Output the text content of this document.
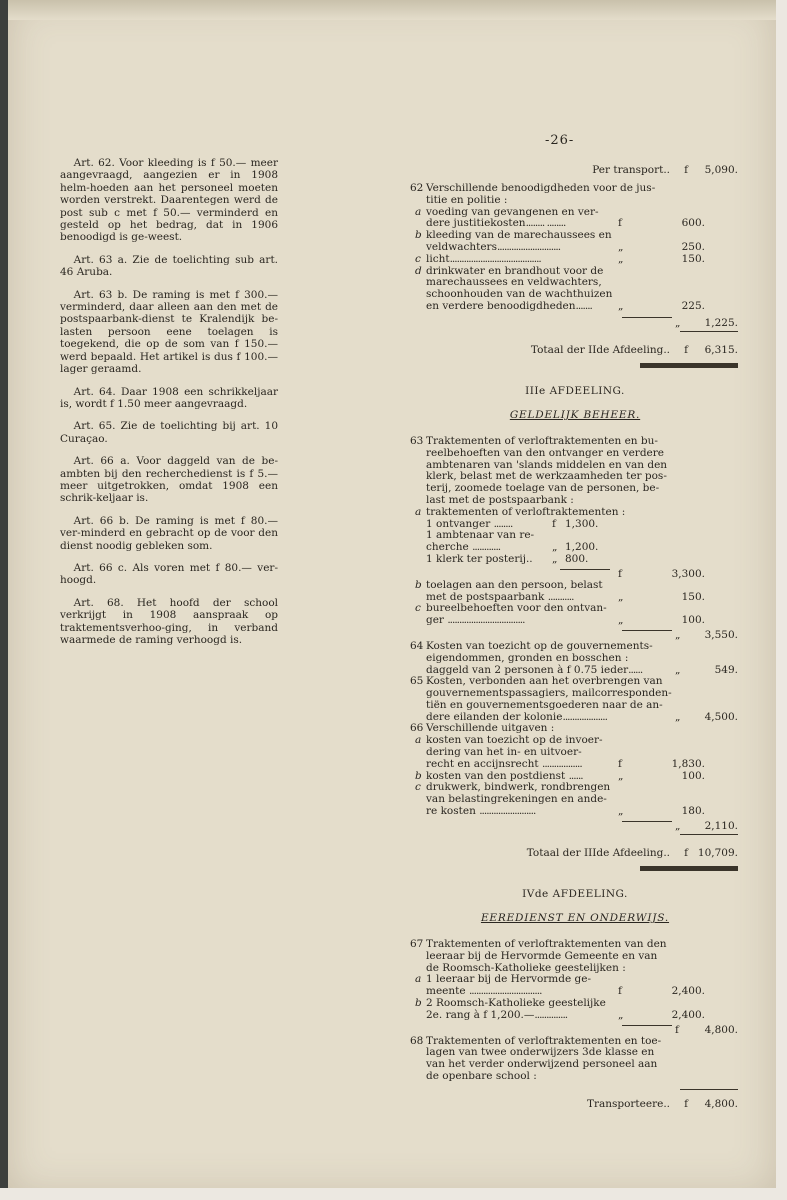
-26-

Art. 62. Voor kleeding is f 50.— meer aangevraagd, aangezien er in 1908 helm-hoeden aan het personeel moeten worden verstrekt. Daarentegen werd de post sub c met f 50.— verminderd en gesteld op het bedrag, dat in 1906 benoodigd is ge-weest.

Art. 63 a. Zie de toelichting sub art. 46 Aruba.

Art. 63 b. De raming is met f 300.— verminderd, daar alleen aan den met de postspaarbank-dienst te Kralendijk be-lasten persoon eene toelagen is toegekend, die op de som van f 150.— werd bepaald. Het artikel is dus f 100.— lager geraamd.

Art. 64. Daar 1908 een schrikkeljaar is, wordt f 1.50 meer aangevraagd.

Art. 65. Zie de toelichting bij art. 10 Curaçao.

Art. 66 a. Voor daggeld van de be-ambten bij den recherchedienst is f 5.— meer uitgetrokken, omdat 1908 een schrik-keljaar is.

Art. 66 b. De raming is met f 80.— ver-minderd en gebracht op de voor den dienst noodig gebleken som.

Art. 66 c. Als voren met f 80.— ver-hoogd.

Art. 68. Het hoofd der school verkrijgt in 1908 aanspraak op traktementsverhoo-ging, in verband waarmede de raming verhoogd is.

Per transport.. f 5,090.
62 Verschillende benoodigdheden voor de jus-
titie en politie :
a voeding van gevangenen en ver-
dere justitiekosten........ ........	f	600.
b kleeding van de marechaussees en
veldwachters...........................	„	250.
c licht.......................................	„	150.
d drinkwater en brandhout voor de
marechaussees en veldwachters,
schoonhouden van de wachthuizen
en verdere benoodigdheden....... „	225.
„	1,225.
Totaal der IIde Afdeeling.. f 6,315.
IIIe AFDEELING.
GELDELIJK BEHEER.
63 Traktementen of verloftraktementen en bu-
reelbehoeften van den ontvanger en verdere
ambtenaren van 'slands middelen en van den
klerk, belast met de werkzaamheden ter pos-
terij, zoomede toelage van de personen, be-
last met de postspaarbank :
a traktementen of verloftraktementen :
1 ontvanger ........	f 1,300.
1 ambtenaar van re-
cherche ............	„ 1,200.
1 klerk ter posterij.. „ 800.
f	3,300.
b toelagen aan den persoon, belast
met de postspaarbank ...........	„	150.
c bureelbehoeften voor den ontvan-
ger .................................	„	100.
„	3,550.
64 Kosten van toezicht op de gouvernements-
eigendommen, gronden en bosschen :
daggeld van 2 personen à f 0.75 ieder......	„	549.
65 Kosten, verbonden aan het overbrengen van
gouvernementspassagiers, mailcorresponden-
tiën en gouvernementsgoederen naar de an-
dere eilanden der kolonie...................	„	4,500.
66 Verschillende uitgaven :
a kosten van toezicht op de invoer-
dering van het in- en uitvoer-
recht en accijnsrecht .................	f	1,830.
b kosten van den postdienst ......	„	100.
c drukwerk, bindwerk, rondbrengen
van belastingrekeningen en ande-
re kosten ........................	„	180.
„	2,110.
Totaal der IIIde Afdeeling.. f 10,709.
IVde AFDEELING.
EEREDIENST EN ONDERWIJS.
67 Traktementen of verloftraktementen van den
leeraar bij de Hervormde Gemeente en van
de Roomsch-Katholieke geestelijken :
a 1 leeraar bij de Hervormde ge-
meente ...............................	f	2,400.
b 2 Roomsch-Katholieke geestelijke
2e. rang à f 1,200.—..............	„	2,400.
f	4,800.
68 Traktementen of verloftraktementen en toe-
lagen van twee onderwijzers 3de klasse en
van het verder onderwijzend personeel aan
de openbare school :
Transporteere.. f 4,800.
